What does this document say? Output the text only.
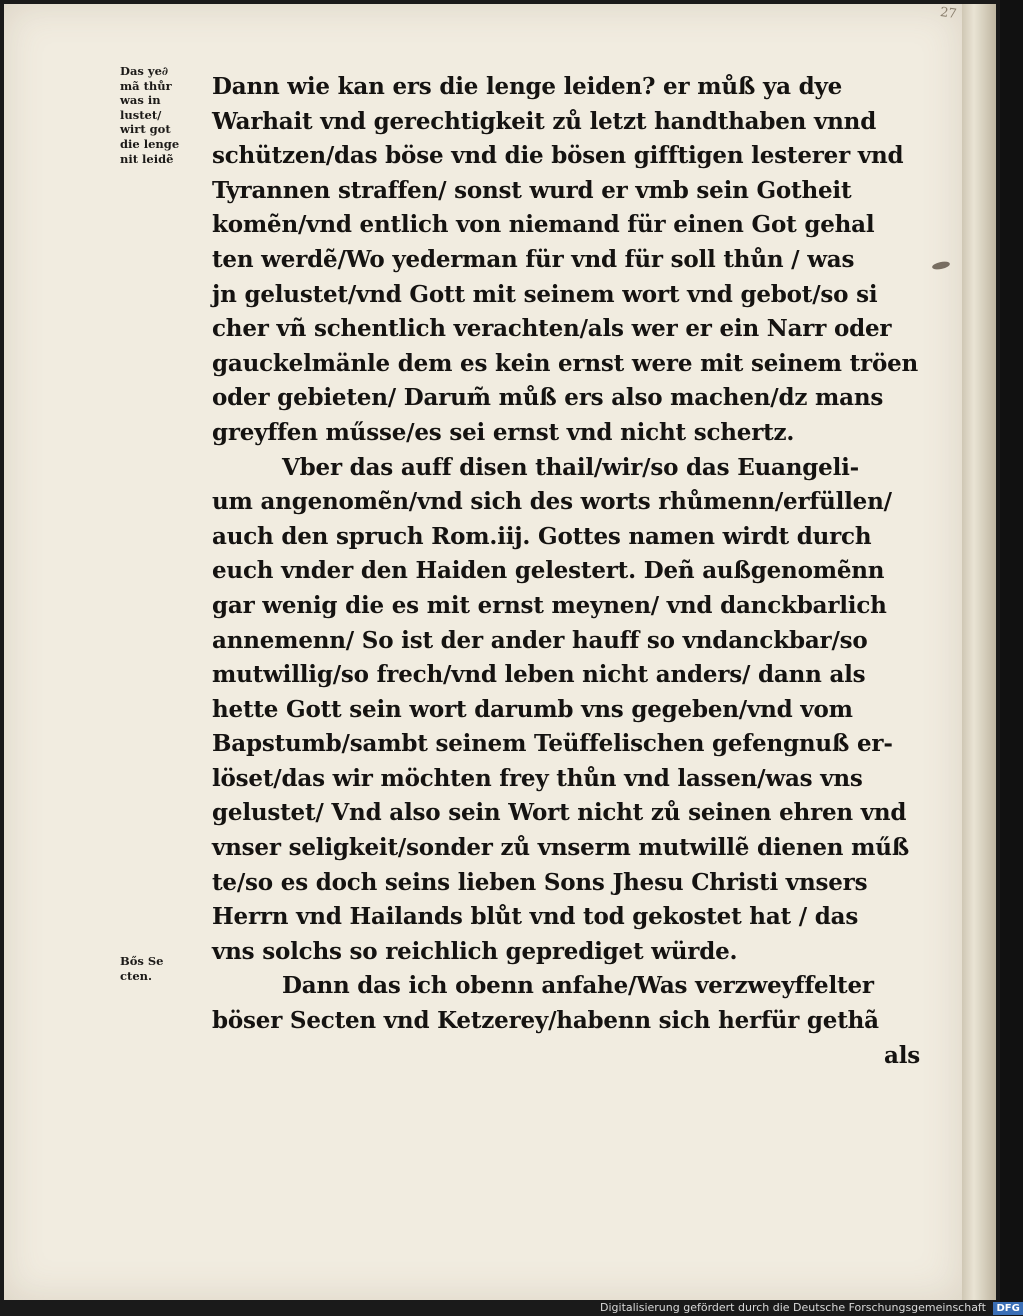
27
Das ye∂
mã thůr
was in
lustet/
wirt got
die lenge
nit leidẽ
Bős Se
cten.
Dann wie kan ers die lenge leiden? er můß ya dye
Warhait vnd gerechtigkeit zů letzt handthaben vnnd
schützen/das böse vnd die bösen gifftigen lesterer vnd
Tyrannen straffen/ sonst wurd er vmb sein Gotheit
komẽn/vnd entlich von niemand für einen Got gehal
ten werdẽ/Wo yederman für vnd für soll thůn / was
jn gelustet/vnd Gott mit seinem wort vnd gebot/so si
cher vñ schentlich verachten/als wer er ein Narr oder
gauckelmänle dem es kein ernst were mit seinem tröen
oder gebieten/ Darum̃ můß ers also machen/dz mans
greyffen műsse/es sei ernst vnd nicht schertz.
Vber das auff disen thail/wir/so das Euangeli-
um angenomẽn/vnd sich des worts rhůmenn/erfüllen/
auch den spruch Rom.iij. Gottes namen wirdt durch
euch vnder den Haiden gelestert. Deñ außgenomẽnn
gar wenig die es mit ernst meynen/ vnd danckbarlich
annemenn/ So ist der ander hauff so vndanckbar/so
mutwillig/so frech/vnd leben nicht anders/ dann als
hette Gott sein wort darumb vns gegeben/vnd vom
Bapstumb/sambt seinem Teüffelischen gefengnuß er-
löset/das wir möchten frey thůn vnd lassen/was vns
gelustet/ Vnd also sein Wort nicht zů seinen ehren vnd
vnser seligkeit/sonder zů vnserm mutwillẽ dienen műß
te/so es doch seins lieben Sons Jhesu Christi vnsers
Herrn vnd Hailands blůt vnd tod gekostet hat / das
vns solchs so reichlich geprediget würde.
Dann das ich obenn anfahe/Was verzweyffelter
böser Secten vnd Ketzerey/habenn sich herfür gethã
als
Digitalisierung gefördert durch die Deutsche Forschungsgemeinschaft DFG
